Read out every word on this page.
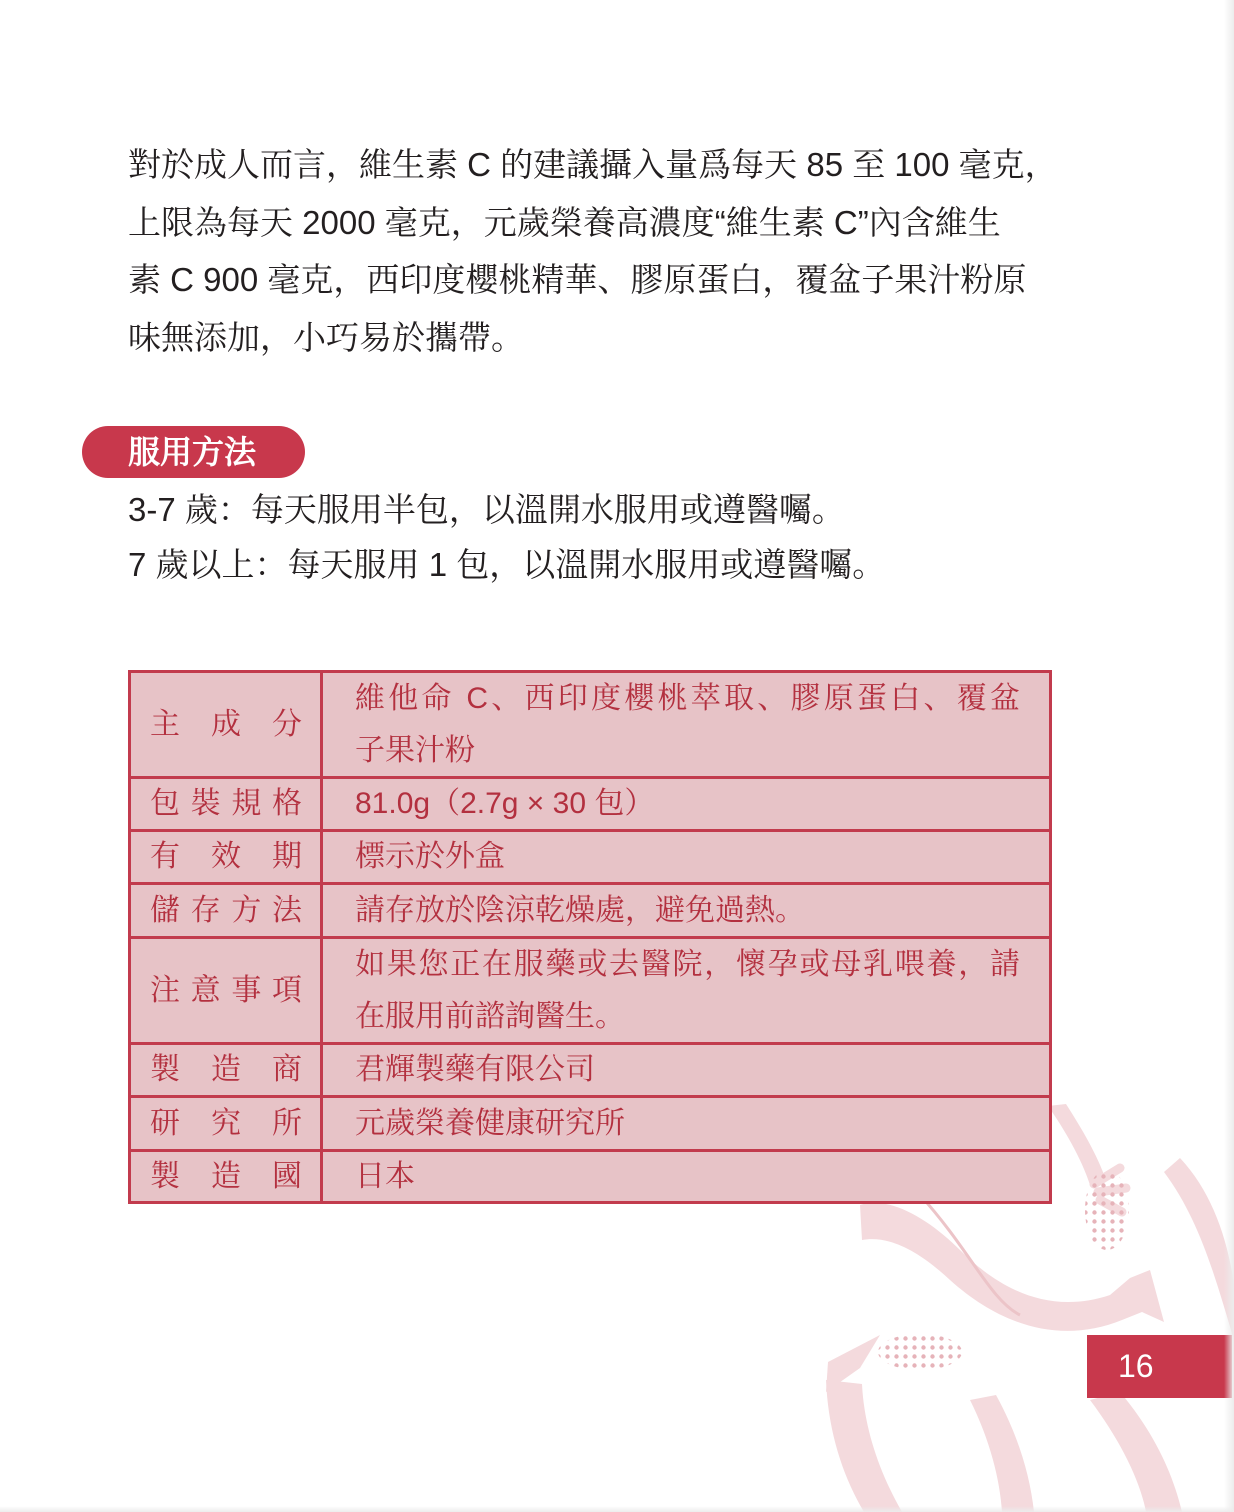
對於成人而言，維生素 C 的建議攝入量爲每天 85 至 100 毫克，
上限為每天 2000 毫克，元歲榮養高濃度“維生素 C”內含維生
素 C 900 毫克，西印度櫻桃精華、膠原蛋白，覆盆子果汁粉原
味無添加，小巧易於攜帶。
服用方法
3-7 歲：每天服用半包，以溫開水服用或遵醫囑。
7 歲以上：每天服用 1 包，以溫開水服用或遵醫囑。
主 成 分
維他命 C、西印度櫻桃萃取、膠原蛋白、覆盆
子果汁粉
包 裝 規 格 81.0g（2.7g × 30 包）
有 效 期 標示於外盒
儲 存 方 法 請存放於陰涼乾燥處，避免過熱。
注 意 事 項
如果您正在服藥或去醫院，懷孕或母乳喂養，請
在服用前諮詢醫生。
製 造 商 君輝製藥有限公司
研 究 所 元歲榮養健康研究所
製 造 國 日本
16
